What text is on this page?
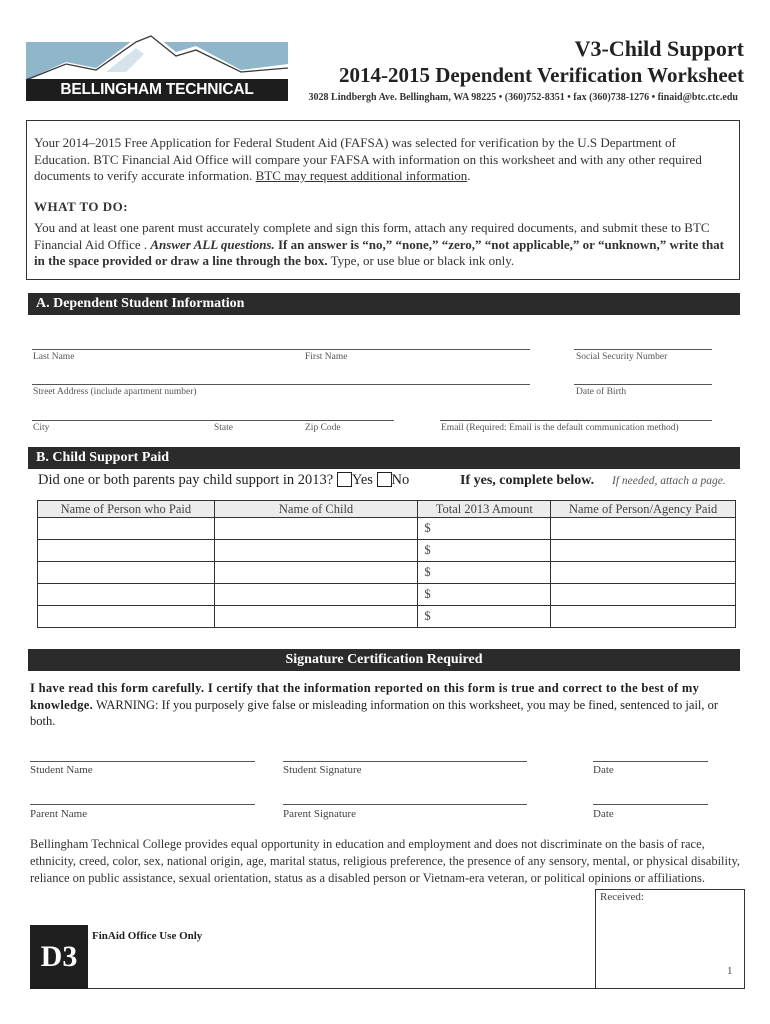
BELLINGHAM TECHNICAL COLLEGE
V3-Child Support
2014-2015 Dependent Verification Worksheet
3028 Lindbergh Ave. Bellingham, WA 98225 • (360)752-8351 • fax (360)738-1276 • finaid@btc.ctc.edu

Your 2014–2015 Free Application for Federal Student Aid (FAFSA) was selected for verification by the U.S Department of Education. BTC Financial Aid Office will compare your FAFSA with information on this worksheet and with any other required documents to verify accurate information. BTC may request additional information.

WHAT TO DO:

You and at least one parent must accurately complete and sign this form, attach any required documents, and submit these to BTC Financial Aid Office . Answer ALL questions. If an answer is “no,” “none,” “zero,” “not applicable,” or “unknown,” write that in the space provided or draw a line through the box. Type, or use blue or black ink only.

A. Dependent Student Information
Last Name	First Name	Social Security Number
Street Address (include apartment number)	Date of Birth
City	State	Zip Code	Email (Required: Email is the default communication method)
B. Child Support Paid
Did one or both parents pay child support in 2013? Yes No	If yes, complete below. If needed, attach a page.
Name of Person who Paid	Name of Child	Total 2013 Amount	Name of Person/Agency Paid
		$	
		$	
		$	
		$	
		$	
Signature Certification Required
I have read this form carefully. I certify that the information reported on this form is true and correct to the best of my knowledge. WARNING: If you purposely give false or misleading information on this worksheet, you may be fined, sentenced to jail, or both.
Student Name	Student Signature	Date
Parent Name	Parent Signature	Date
Bellingham Technical College provides equal opportunity in education and employment and does not discriminate on the basis of race, ethnicity, creed, color, sex, national origin, age, marital status, religious preference, the presence of any sensory, mental, or physical disability, reliance on public assistance, sexual orientation, status as a disabled person or Vietnam-era veteran, or political opinions or affiliations.
Received:
D3
FinAid Office Use Only
1
